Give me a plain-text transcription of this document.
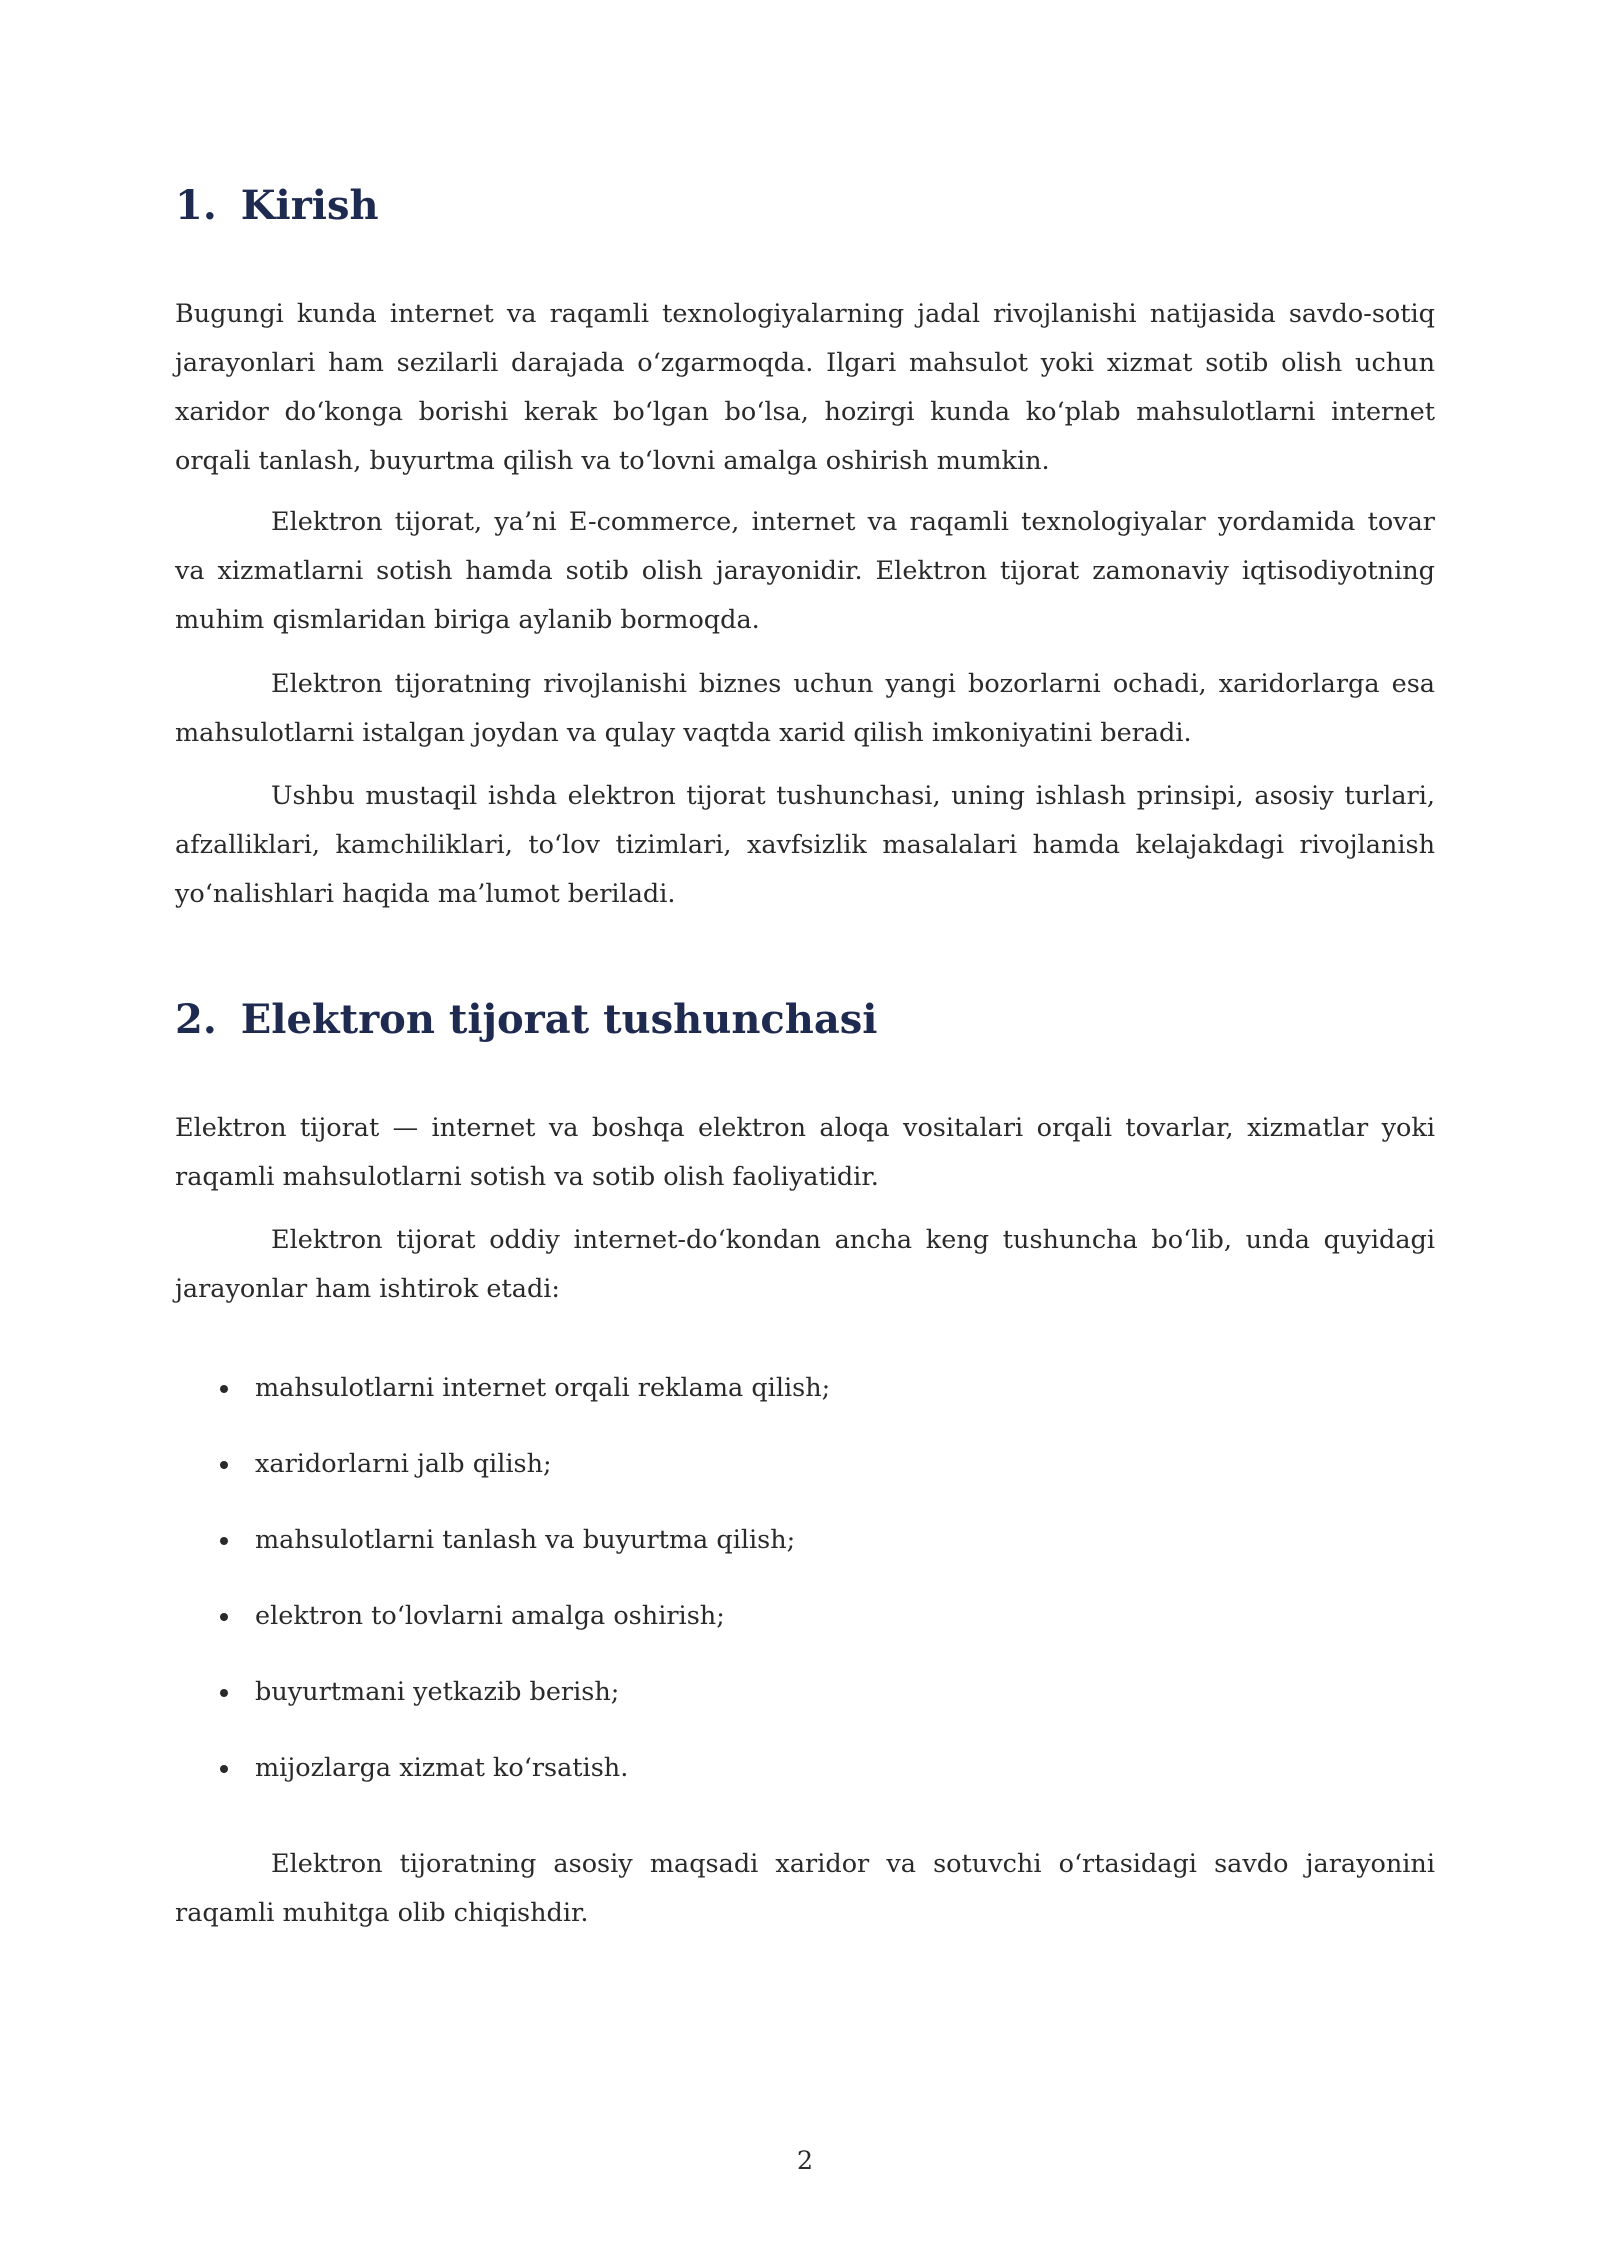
1. Kirish

Bugungi kunda internet va raqamli texnologiyalarning jadal rivojlanishi natijasida savdo-sotiq jarayonlari ham sezilarli darajada o‘zgarmoqda. Ilgari mahsulot yoki xizmat sotib olish uchun xaridor do‘konga borishi kerak bo‘lgan bo‘lsa, hozirgi kunda ko‘plab mahsulotlarni internet orqali tanlash, buyurtma qilish va to‘lovni amalga oshirish mumkin.

Elektron tijorat, ya’ni E-commerce, internet va raqamli texnologiyalar yordamida tovar va xizmatlarni sotish hamda sotib olish jarayonidir. Elektron tijorat zamonaviy iqtisodiyotning muhim qismlaridan biriga aylanib bormoqda.

Elektron tijoratning rivojlanishi biznes uchun yangi bozorlarni ochadi, xaridorlarga esa mahsulotlarni istalgan joydan va qulay vaqtda xarid qilish imkoniyatini beradi.

Ushbu mustaqil ishda elektron tijorat tushunchasi, uning ishlash prinsipi, asosiy turlari, afzalliklari, kamchiliklari, to‘lov tizimlari, xavfsizlik masalalari hamda kelajakdagi rivojlanish yo‘nalishlari haqida ma’lumot beriladi.

2. Elektron tijorat tushunchasi

Elektron tijorat — internet va boshqa elektron aloqa vositalari orqali tovarlar, xizmatlar yoki raqamli mahsulotlarni sotish va sotib olish faoliyatidir.

Elektron tijorat oddiy internet-do‘kondan ancha keng tushuncha bo‘lib, unda quyidagi jarayonlar ham ishtirok etadi:

mahsulotlarni internet orqali reklama qilish;
xaridorlarni jalb qilish;
mahsulotlarni tanlash va buyurtma qilish;
elektron to‘lovlarni amalga oshirish;
buyurtmani yetkazib berish;
mijozlarga xizmat ko‘rsatish.

Elektron tijoratning asosiy maqsadi xaridor va sotuvchi o‘rtasidagi savdo jarayonini raqamli muhitga olib chiqishdir.

2
